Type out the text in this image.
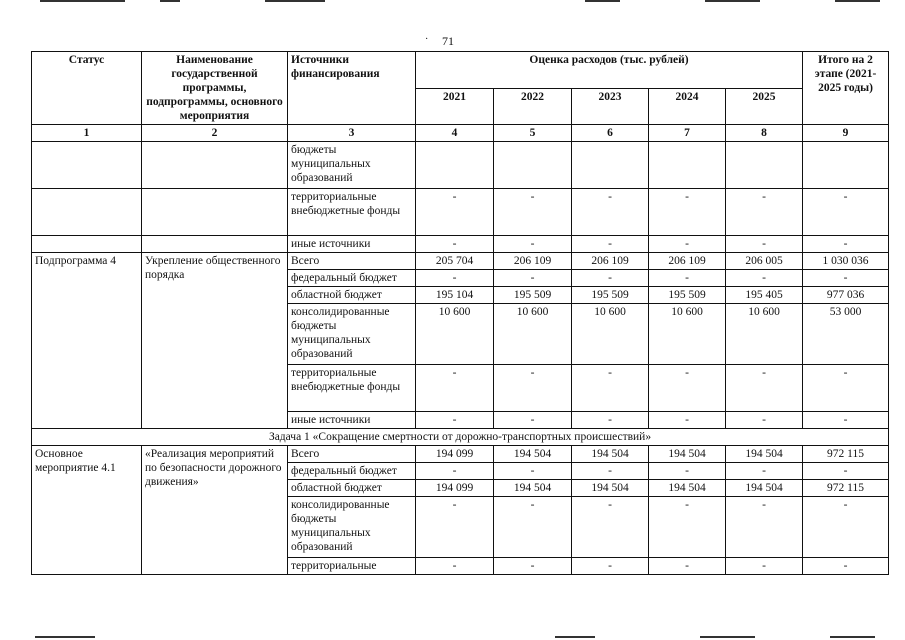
· 71
Статус	Наименование государственной программы, подпрограммы, основного мероприятия	Источники финансирования	Оценка расходов (тыс. рублей)					Итого на 2 этапе (2021-2025 годы)
			2021	2022	2023	2024	2025	
1	2	3	4	5	6	7	8	9
		бюджеты муниципальных образований						
		территориальные внебюджетные фонды	-	-	-	-	-	-
		иные источники	-	-	-	-	-	-
Подпрограмма 4	Укрепление общественного порядка	Всего	205 704	206 109	206 109	206 109	206 005	1 030 036
		федеральный бюджет	-	-	-	-	-	-
		областной бюджет	195 104	195 509	195 509	195 509	195 405	977 036
		консолидированные бюджеты муниципальных образований	10 600	10 600	10 600	10 600	10 600	53 000
		территориальные внебюджетные фонды	-	-	-	-	-	-
		иные источники	-	-	-	-	-	-
Задача 1 «Сокращение смертности от дорожно-транспортных происшествий»								
Основное мероприятие 4.1	«Реализация мероприятий по безопасности дорожного движения»	Всего	194 099	194 504	194 504	194 504	194 504	972 115
		федеральный бюджет	-	-	-	-	-	-
		областной бюджет	194 099	194 504	194 504	194 504	194 504	972 115
		консолидированные бюджеты муниципальных образований	-	-	-	-	-	-
		территориальные	-	-	-	-	-	-
